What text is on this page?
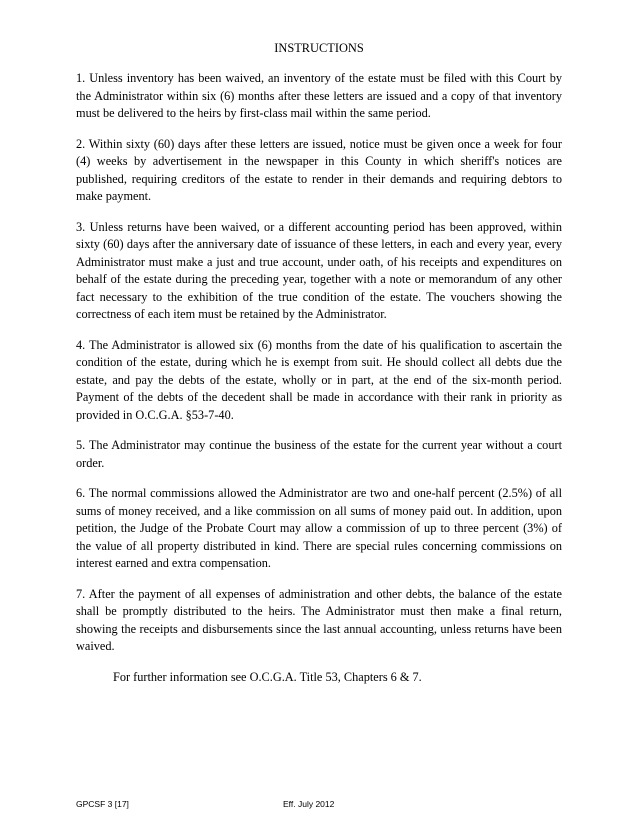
INSTRUCTIONS

1. Unless inventory has been waived, an inventory of the estate must be filed with this Court by the Administrator within six (6) months after these letters are issued and a copy of that inventory must be delivered to the heirs by first-class mail within the same period.

2. Within sixty (60) days after these letters are issued, notice must be given once a week for four (4) weeks by advertisement in the newspaper in this County in which sheriff's notices are published, requiring creditors of the estate to render in their demands and requiring debtors to make payment.

3. Unless returns have been waived, or a different accounting period has been approved, within sixty (60) days after the anniversary date of issuance of these letters, in each and every year, every Administrator must make a just and true account, under oath, of his receipts and expenditures on behalf of the estate during the preceding year, together with a note or memorandum of any other fact necessary to the exhibition of the true condition of the estate. The vouchers showing the correctness of each item must be retained by the Administrator.

4. The Administrator is allowed six (6) months from the date of his qualification to ascertain the condition of the estate, during which he is exempt from suit. He should collect all debts due the estate, and pay the debts of the estate, wholly or in part, at the end of the six-month period. Payment of the debts of the decedent shall be made in accordance with their rank in priority as provided in O.C.G.A. §53-7-40.

5. The Administrator may continue the business of the estate for the current year without a court order.

6. The normal commissions allowed the Administrator are two and one-half percent (2.5%) of all sums of money received, and a like commission on all sums of money paid out. In addition, upon petition, the Judge of the Probate Court may allow a commission of up to three percent (3%) of the value of all property distributed in kind. There are special rules concerning commissions on interest earned and extra compensation.

7. After the payment of all expenses of administration and other debts, the balance of the estate shall be promptly distributed to the heirs. The Administrator must then make a final return, showing the receipts and disbursements since the last annual accounting, unless returns have been waived.

For further information see O.C.G.A. Title 53, Chapters 6 & 7.

GPCSF 3 [17]	Eff. July 2012
